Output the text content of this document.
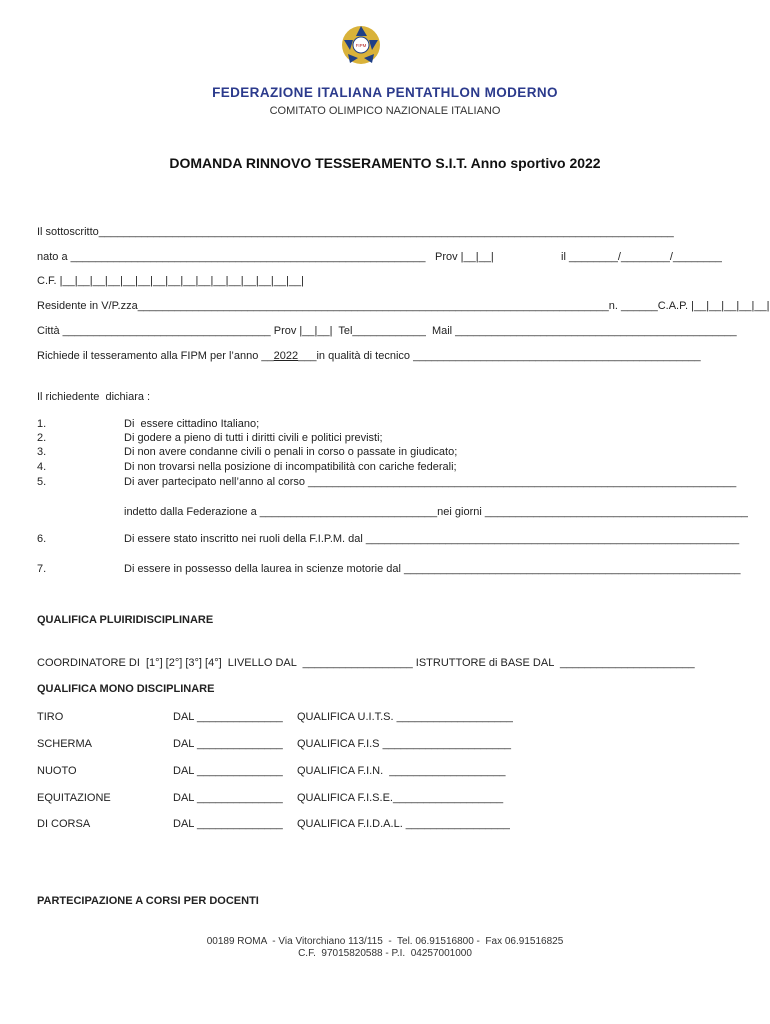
FIPM
FEDERAZIONE ITALIANA PENTATHLON MODERNO
COMITATO OLIMPICO NAZIONALE ITALIANO
DOMANDA RINNOVO TESSERAMENTO S.I.T. Anno sportivo 2022
Il sottoscritto______________________________________________________________________________________________
nato a __________________________________________________________ Prov |__|__|	il ________/________/________
C.F. |__|__|__|__|__|__|__|__|__|__|__|__|__|__|__|__|
Residente in V/P.zza_____________________________________________________________________________n. ______C.A.P. |__|__|__|__|__|
Città __________________________________ Prov |__|__|  Tel____________  Mail ______________________________________________
Richiede il tesseramento alla FIPM per l’anno __2022___in qualità di tecnico _______________________________________________
Il richiedente  dichiara :
1.	Di  essere cittadino Italiano;
2.	Di godere a pieno di tutti i diritti civili e politici previsti;
3.	Di non avere condanne civili o penali in corso o passate in giudicato;
4.	Di non trovarsi nella posizione di incompatibilità con cariche federali;
5.	Di aver partecipato nell’anno al corso ______________________________________________________________________
indetto dalla Federazione a _____________________________nei giorni ___________________________________________
6.	Di essere stato inscritto nei ruoli della F.I.P.M. dal _____________________________________________________________
7.	Di essere in possesso della laurea in scienze motorie dal _______________________________________________________
QUALIFICA PLUIRIDISCIPLINARE
COORDINATORE DI  [1°] [2°] [3°] [4°]  LIVELLO DAL  __________________ ISTRUTTORE di BASE DAL  ______________________
QUALIFICA MONO DISCIPLINARE
TIRO	DAL ______________ QUALIFICA U.I.T.S. ___________________
SCHERMA	DAL ______________ QUALIFICA F.I.S _____________________
NUOTO	DAL ______________ QUALIFICA F.I.N.  ___________________
EQUITAZIONE	DAL ______________ QUALIFICA F.I.S.E.__________________
DI CORSA	DAL ______________ QUALIFICA F.I.D.A.L. _________________
PARTECIPAZIONE A CORSI PER DOCENTI
00189 ROMA  - Via Vitorchiano 113/115  -  Tel. 06.91516800 -  Fax 06.91516825
C.F.  97015820588 - P.I.  04257001000
